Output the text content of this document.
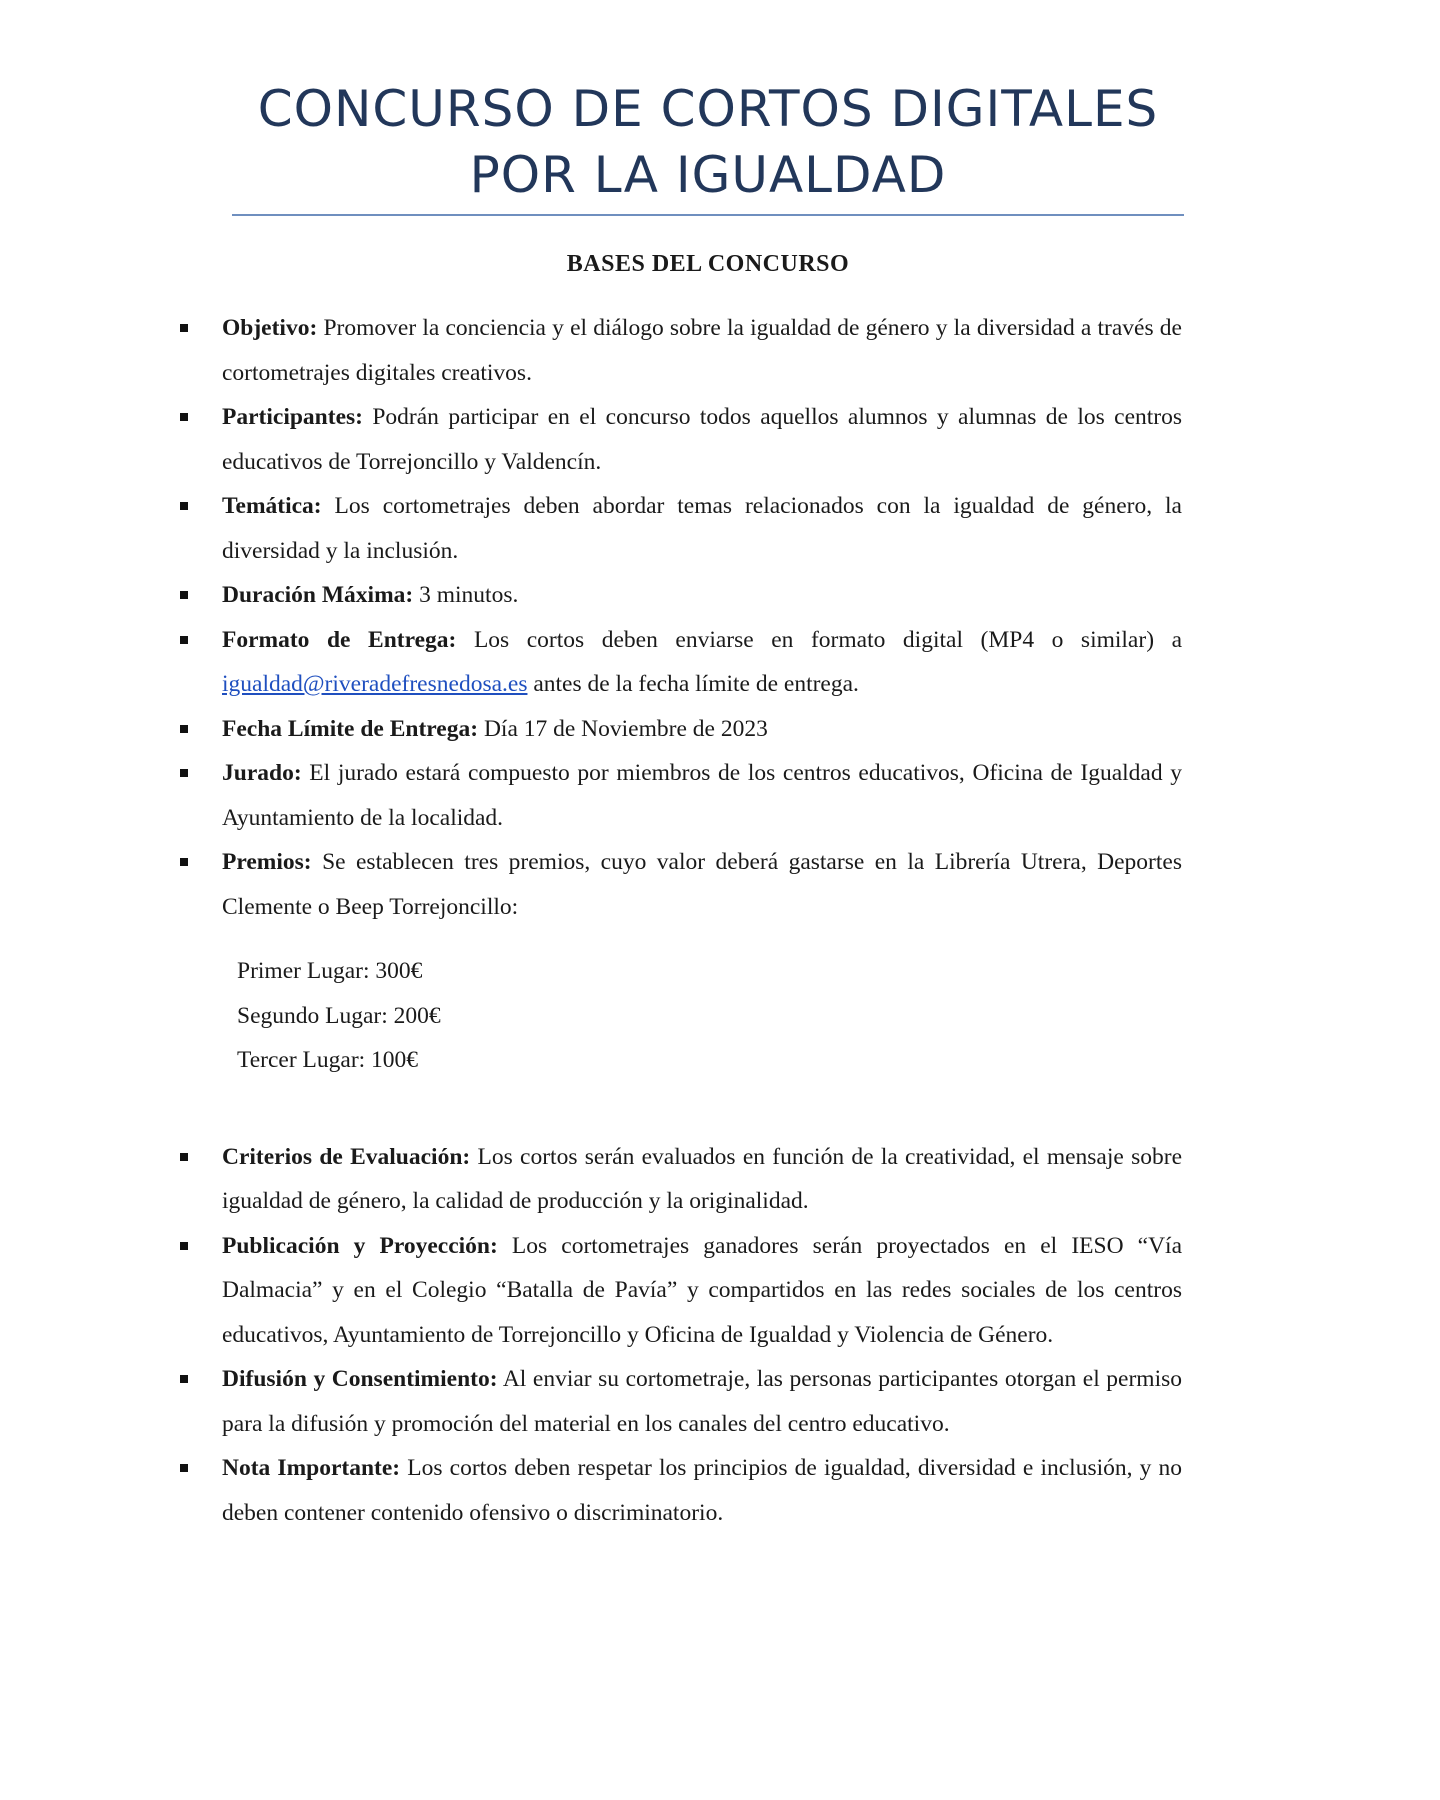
CONCURSO DE CORTOS DIGITALES
POR LA IGUALDAD
BASES DEL CONCURSO
Objetivo: Promover la conciencia y el diálogo sobre la igualdad de género y la diversidad a través de cortometrajes digitales creativos.
Participantes: Podrán participar en el concurso todos aquellos alumnos y alumnas de los centros educativos de Torrejoncillo y Valdencín.
Temática: Los cortometrajes deben abordar temas relacionados con la igualdad de género, la diversidad y la inclusión.
Duración Máxima: 3 minutos.
Formato de Entrega: Los cortos deben enviarse en formato digital (MP4 o similar) a igualdad@riveradefresnedosa.es antes de la fecha límite de entrega.
Fecha Límite de Entrega: Día 17 de Noviembre de 2023
Jurado: El jurado estará compuesto por miembros de los centros educativos, Oficina de Igualdad y Ayuntamiento de la localidad.
Premios: Se establecen tres premios, cuyo valor deberá gastarse en la Librería Utrera, Deportes Clemente o Beep Torrejoncillo:
Primer Lugar: 300€
Segundo Lugar: 200€
Tercer Lugar: 100€
Criterios de Evaluación: Los cortos serán evaluados en función de la creatividad, el mensaje sobre igualdad de género, la calidad de producción y la originalidad.
Publicación y Proyección: Los cortometrajes ganadores serán proyectados en el IESO “Vía Dalmacia” y en el Colegio “Batalla de Pavía” y compartidos en las redes sociales de los centros educativos, Ayuntamiento de Torrejoncillo y Oficina de Igualdad y Violencia de Género.
Difusión y Consentimiento: Al enviar su cortometraje, las personas participantes otorgan el permiso para la difusión y promoción del material en los canales del centro educativo.
Nota Importante: Los cortos deben respetar los principios de igualdad, diversidad e inclusión, y no deben contener contenido ofensivo o discriminatorio.
